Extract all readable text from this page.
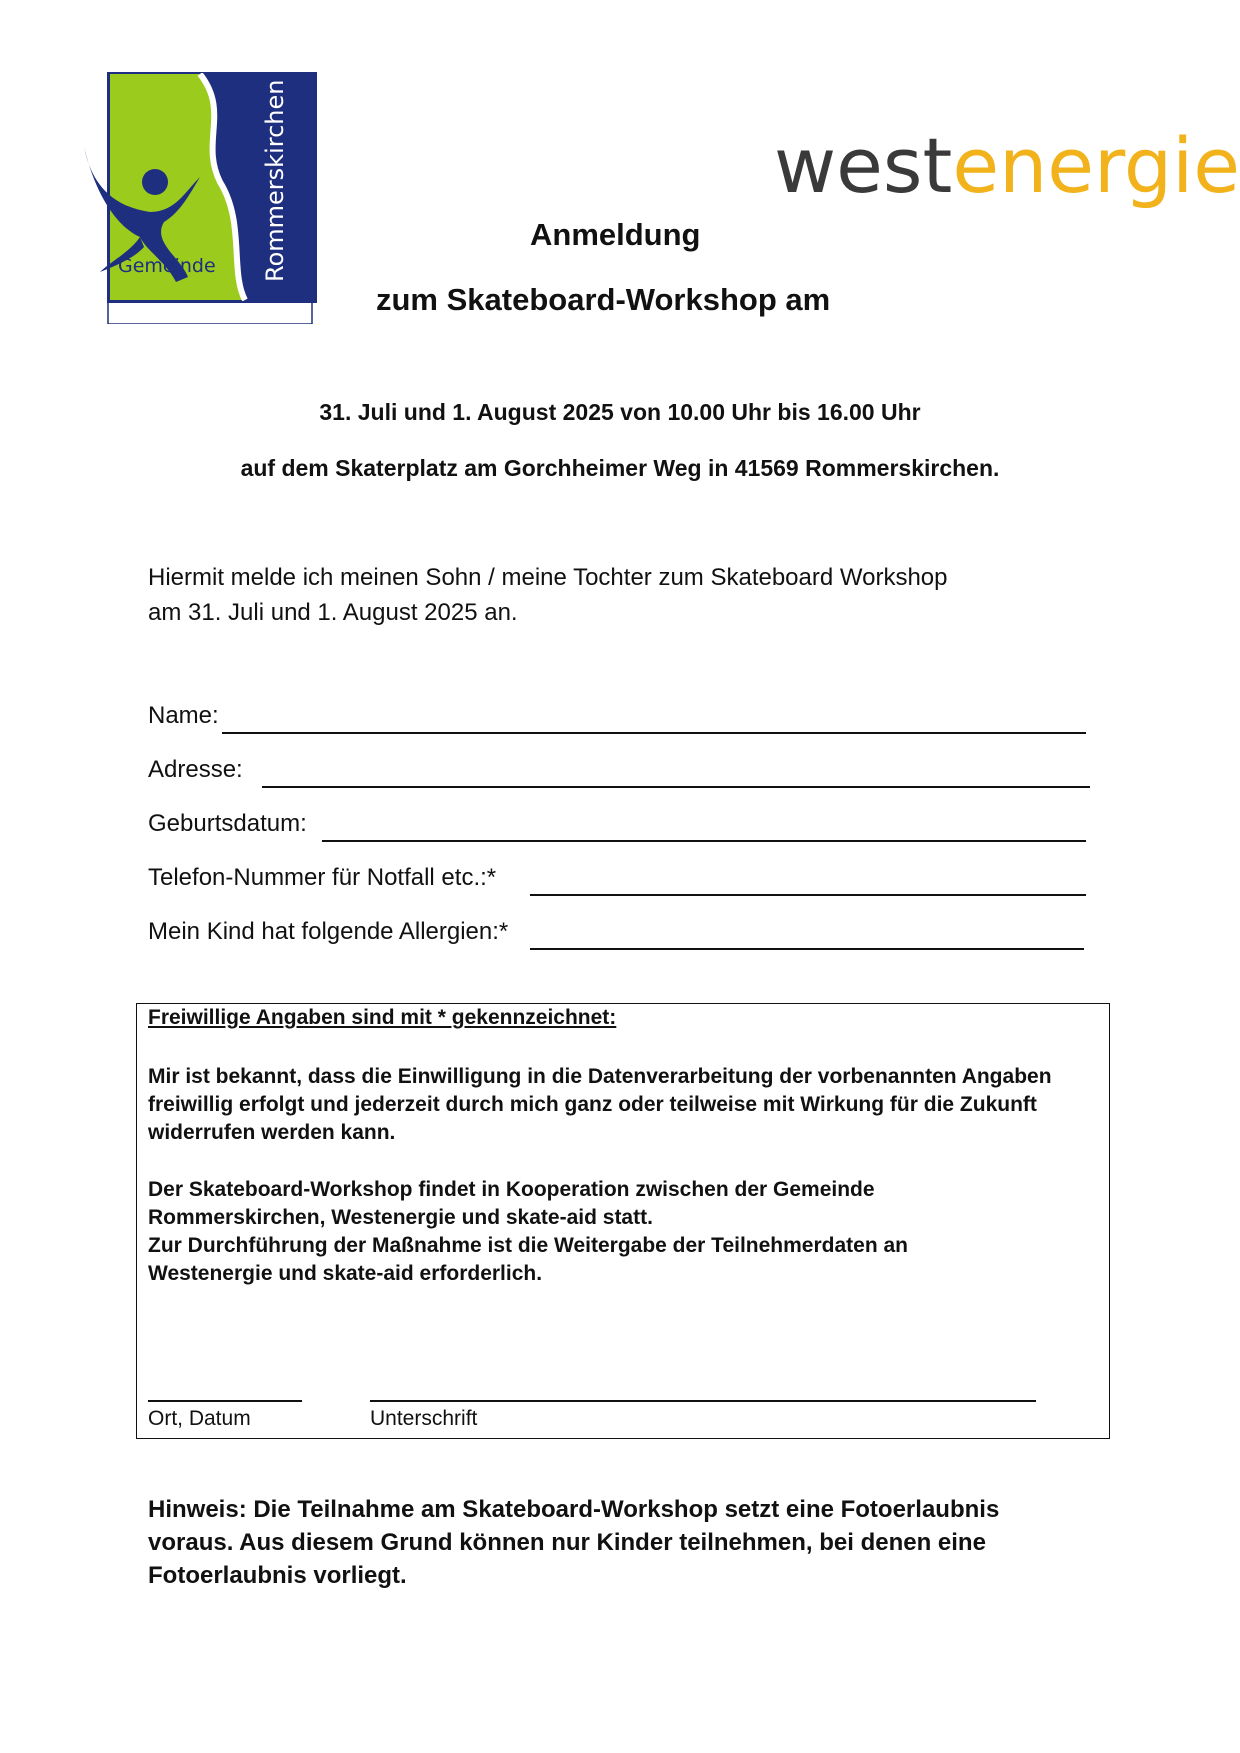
Gemeinde Rommerskirchen	westenergie
Anmeldung
zum Skateboard-Workshop am
31. Juli und 1. August 2025 von 10.00 Uhr bis 16.00 Uhr
auf dem Skaterplatz am Gorchheimer Weg in 41569 Rommerskirchen.
Hiermit melde ich meinen Sohn / meine Tochter zum Skateboard Workshop
am 31. Juli und 1. August 2025 an.
Name:
Adresse:
Geburtsdatum:
Telefon-Nummer für Notfall etc.:*
Mein Kind hat folgende Allergien:*
Freiwillige Angaben sind mit * gekennzeichnet:
Mir ist bekannt, dass die Einwilligung in die Datenverarbeitung der vorbenannten Angaben freiwillig erfolgt und jederzeit durch mich ganz oder teilweise mit Wirkung für die Zukunft widerrufen werden kann.
Der Skateboard-Workshop findet in Kooperation zwischen der Gemeinde
Rommerskirchen, Westenergie und skate-aid statt.
Zur Durchführung der Maßnahme ist die Weitergabe der Teilnehmerdaten an
Westenergie und skate-aid erforderlich.
Ort, Datum	Unterschrift
Hinweis: Die Teilnahme am Skateboard-Workshop setzt eine Fotoerlaubnis
voraus. Aus diesem Grund können nur Kinder teilnehmen, bei denen eine
Fotoerlaubnis vorliegt.
